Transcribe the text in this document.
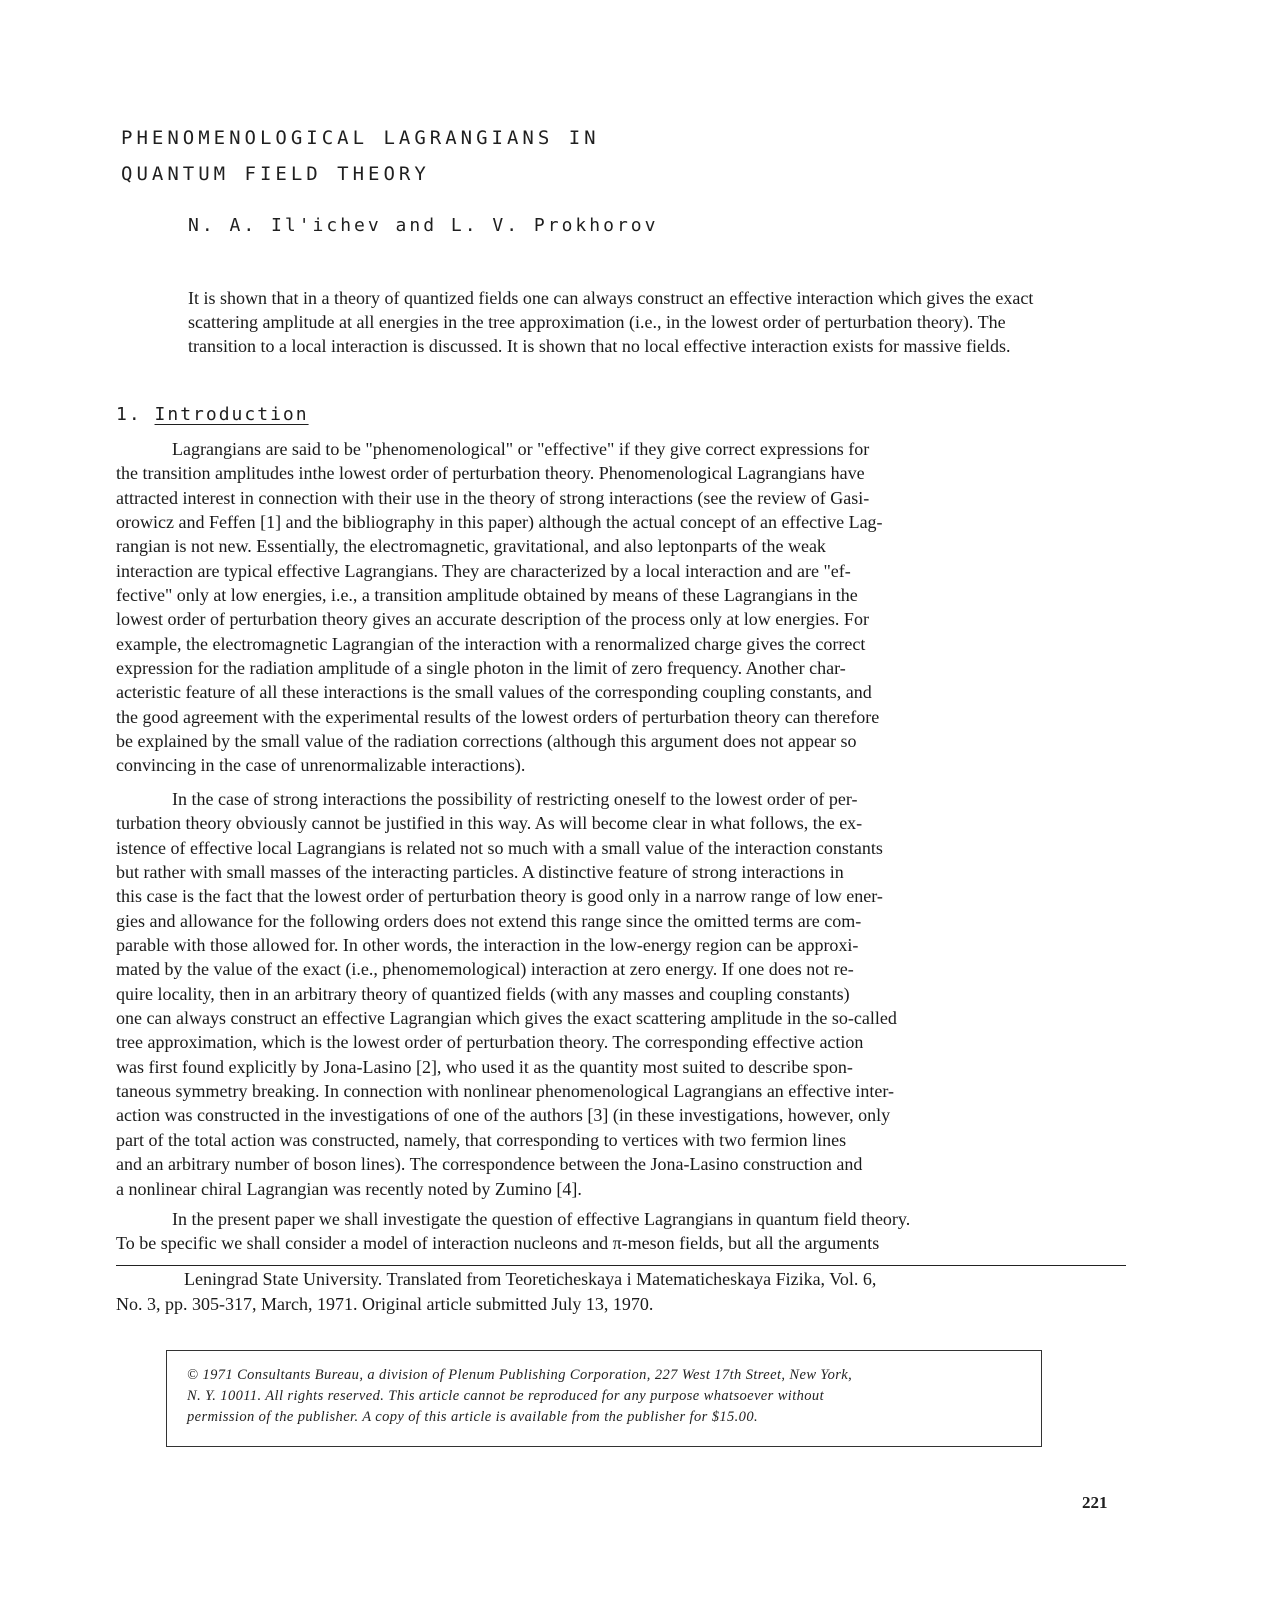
PHENOMENOLOGICAL LAGRANGIANS IN
QUANTUM FIELD THEORY
N. A. Il'ichev and L. V. Prokhorov
It is shown that in a theory of quantized fields one can always construct an effective interaction which gives the exact scattering amplitude at all energies in the tree approximation (i.e., in the lowest order of perturbation theory). The transition to a local interaction is discussed. It is shown that no local effective interaction exists for massive fields.
1. Introduction
Lagrangians are said to be "phenomenological" or "effective" if they give correct expressions for
the transition amplitudes inthe lowest order of perturbation theory. Phenomenological Lagrangians have
attracted interest in connection with their use in the theory of strong interactions (see the review of Gasi-
orowicz and Feffen [1] and the bibliography in this paper) although the actual concept of an effective Lag-
rangian is not new. Essentially, the electromagnetic, gravitational, and also leptonparts of the weak
interaction are typical effective Lagrangians. They are characterized by a local interaction and are "ef-
fective" only at low energies, i.e., a transition amplitude obtained by means of these Lagrangians in the
lowest order of perturbation theory gives an accurate description of the process only at low energies. For
example, the electromagnetic Lagrangian of the interaction with a renormalized charge gives the correct
expression for the radiation amplitude of a single photon in the limit of zero frequency. Another char-
acteristic feature of all these interactions is the small values of the corresponding coupling constants, and
the good agreement with the experimental results of the lowest orders of perturbation theory can therefore
be explained by the small value of the radiation corrections (although this argument does not appear so
convincing in the case of unrenormalizable interactions).
In the case of strong interactions the possibility of restricting oneself to the lowest order of per-
turbation theory obviously cannot be justified in this way. As will become clear in what follows, the ex-
istence of effective local Lagrangians is related not so much with a small value of the interaction constants
but rather with small masses of the interacting particles. A distinctive feature of strong interactions in
this case is the fact that the lowest order of perturbation theory is good only in a narrow range of low ener-
gies and allowance for the following orders does not extend this range since the omitted terms are com-
parable with those allowed for. In other words, the interaction in the low-energy region can be approxi-
mated by the value of the exact (i.e., phenomemological) interaction at zero energy. If one does not re-
quire locality, then in an arbitrary theory of quantized fields (with any masses and coupling constants)
one can always construct an effective Lagrangian which gives the exact scattering amplitude in the so-called
tree approximation, which is the lowest order of perturbation theory. The corresponding effective action
was first found explicitly by Jona-Lasino [2], who used it as the quantity most suited to describe spon-
taneous symmetry breaking. In connection with nonlinear phenomenological Lagrangians an effective inter-
action was constructed in the investigations of one of the authors [3] (in these investigations, however, only
part of the total action was constructed, namely, that corresponding to vertices with two fermion lines
and an arbitrary number of boson lines). The correspondence between the Jona-Lasino construction and
a nonlinear chiral Lagrangian was recently noted by Zumino [4].
In the present paper we shall investigate the question of effective Lagrangians in quantum field theory.
To be specific we shall consider a model of interaction nucleons and π-meson fields, but all the arguments
Leningrad State University. Translated from Teoreticheskaya i Matematicheskaya Fizika, Vol. 6,
No. 3, pp. 305-317, March, 1971. Original article submitted July 13, 1970.
© 1971 Consultants Bureau, a division of Plenum Publishing Corporation, 227 West 17th Street, New York,
N. Y. 10011. All rights reserved. This article cannot be reproduced for any purpose whatsoever without
permission of the publisher. A copy of this article is available from the publisher for $15.00.
221
